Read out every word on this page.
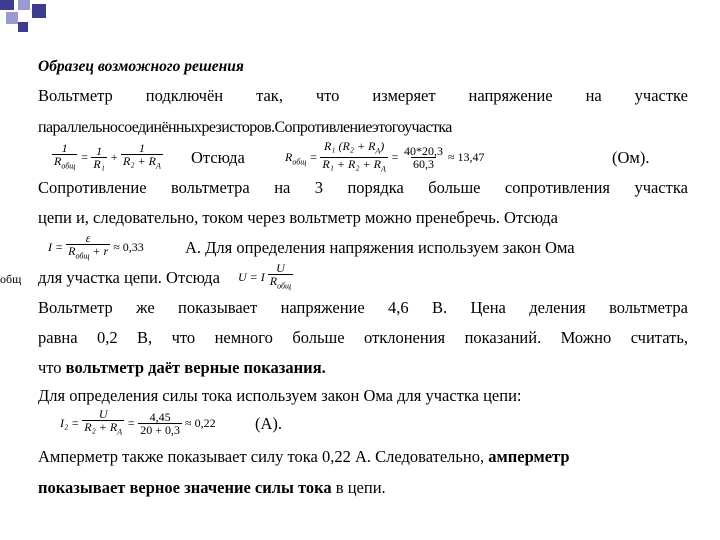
общ
Образец возможного решения
Вольтметр подключён так, что измеряет напряжение на участке
параллельносоединённыхрезисторов.Сопротивлениеэтогоучастка
$\frac{1}{R_{общ}} = \frac{1}{\text{R₁}} + \frac{1}{R_2 + R_A}$ Отсюда	$R_{общ} = \frac{R_1 (R_2 + R_A)}{R_1 + R_2 + R_A} = \frac{40*20,3}{60,3} \approx 13,47$	(Ом).
Сопротивление вольтметра на 3 порядка больше сопротивления участка
цепи и, следовательно, током через вольтметр можно пренебречь. Отсюда
$I = \frac{\varepsilon}{R_{общ} + r} \approx 0,33$ А. Для определения напряжения используем закон Ома
для участка цепи. Отсюда	U = I $\frac{U}{R_{общ}}$
Вольтметр же показывает напряжение 4,6 В. Цена деления вольтметра
равна 0,2 В, что немного больше отклонения показаний. Можно считать,
что вольтметр даёт верные показания.
Для определения силы тока используем закон Ома для участка цепи:
$I_2 = \frac{U}{R_2 + R_A} = \frac{4,45}{20 + 0,3} \approx 0,22$ (А).
Амперметр также показывает силу тока 0,22 А. Следовательно, амперметр
показывает верное значение силы тока в цепи.
